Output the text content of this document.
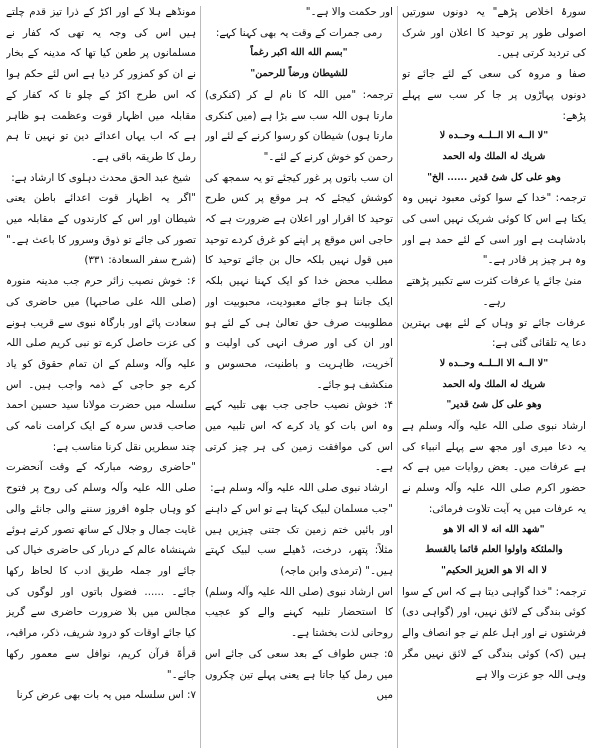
سورۂ اخلاص پڑھے" یہ دونوں سورتیں اصولی طور پر توحید کا اعلان اور شرک کی تردید کرتی ہیں۔

صفا و مروہ کی سعی کے لئے جائے تو دونوں پہاڑوں پر جا کر سب سے پہلے پڑھے:

"لا الــه الا الــلــه وحــده لا
شريك له الملك وله الحمد
وهو على كل شئ قدير ...... الخ"

ترجمہ: "خدا کے سوا کوئی معبود نہیں وہ یکتا ہے اس کا کوئی شریک نہیں اسی کی بادشاہت ہے اور اسی کے لئے حمد ہے اور وہ ہر چیز پر قادر ہے۔"

منیٰ جائے یا عرفات کثرت سے تکبیر پڑھتے رہے۔

عرفات جائے تو وہاں کے لئے بھی بہترین دعا یہ تلقائی گئی ہے:

"لا الــه الا الــلــه وحــده لا
شريك له الملك وله الحمد
وهو على كل شئ قدير"

ارشاد نبوی صلی اللہ علیہ وآلہ وسلم ہے یہ دعا میری اور مجھ سے پہلے انبیاء کی ہے عرفات میں۔ بعض روایات میں ہے کہ حضور اکرم صلی اللہ علیہ وآلہ وسلم نے یہ عرفات میں یہ آیت تلاوت فرمائی:

"شهد الله انه لا اله الا هو
والملئكة واولوا العلم قائما بالقسط
لا اله الا هو العزيز الحكيم"

ترجمہ: "خدا گواہی دیتا ہے کہ اس کے سوا کوئی بندگی کے لائق نہیں، اور (گواہی دی) فرشتوں نے اور اہل علم نے جو انصاف والے ہیں (کہ) کوئی بندگی کے لائق نہیں مگر وہی اللہ جو عزت والا ہے

اور حکمت والا ہے۔"

رمی جمرات کے وقت یہ بھی کہنا کہے:

"بسم الله الله اكبر رغماً
للشيطان ورضاً للرحمن"

ترجمہ: "میں اللہ کا نام لے کر (کنکری) مارتا ہوں اللہ سب سے بڑا ہے (میں کنکری مارتا ہوں) شیطان کو رسوا کرنے کے لئے اور رحمن کو خوش کرنے کے لئے۔"

ان سب باتوں پر غور کیجئے تو یہ سمجھ کی کوشش کیجئے کہ ہر موقع پر کس طرح توحید کا اقرار اور اعلان ہے ضرورت ہے کہ حاجی اس موقع پر اپنے کو غرق کردے توحید میں قول نہیں بلکہ حال بن جائے توحید کا مطلب محض خدا کو ایک کہنا نہیں بلکہ ایک جاننا ہو جائے معبودیت، محبوبیت اور مطلوبیت صرف حق تعالیٰ ہی کے لئے ہو اور ان کی اور صرف انہی کی اولیت و آخریت، ظاہریت و باطنیت، محسوس و منکشف ہو جائے۔

۴: خوش نصیب حاجی جب بھی تلبیہ کہے وہ اس بات کو یاد کرے کہ اس تلبیہ میں اس کی موافقت زمین کی ہر چیز کرتی ہے۔

ارشاد نبوی صلی اللہ علیہ وآلہ وسلم ہے:

"جب مسلمان لبیک کہتا ہے تو اس کے داہنے اور بائیں ختم زمین تک جتنی چیزیں ہیں مثلاً: پتھر، درخت، ڈھیلے سب لبیک کہتے ہیں۔" (ترمذی وابن ماجہ)

اس ارشاد نبوی (صلی اللہ علیہ وآلہ وسلم) کا استحضار تلبیہ کہنے والے کو عجیب روحانی لذت بخشتا ہے۔

۵: جس طواف کے بعد سعی کی جائے اس میں رمل کیا جاتا ہے یعنی پہلے تین چکروں میں

مونڈھے ہلا کے اور اکڑ کے ذرا تیز قدم چلتے ہیں اس کی وجہ یہ تھی کہ کفار نے مسلمانوں پر طعن کیا تھا کہ مدینہ کے بخار نے ان کو کمزور کر دیا ہے اس لئے حکم ہوا کہ اس طرح اکڑ کے چلو تا کہ کفار کے مقابلہ میں اظہار قوت وعظمت ہو ظاہر ہے کہ اب یہاں اعدائے دین تو نہیں تا ہم رمل کا طریقہ باقی ہے۔

شیخ عبد الحق محدث دہلوی کا ارشاد ہے:

"اگر یہ اظہار قوت اعدائے باطن یعنی شیطان اور اس کے کارندوں کے مقابلہ میں تصور کی جائے تو ذوق وسرور کا باعث ہے۔" (شرح سفر السعادة: ۳۳۱)

۶: خوش نصیب زائر حرم جب مدینہ منورہ (صلی اللہ علی صاحبہا) میں حاضری کی سعادت پائے اور بارگاہ نبوی سے قریب ہونے کی عزت حاصل کرے تو نبی کریم صلی اللہ علیہ وآلہ وسلم کے ان تمام حقوق کو یاد کرے جو حاجی کے ذمہ واجب ہیں۔ اس سلسلہ میں حضرت مولانا سید حسین احمد صاحب قدس سرہ کے ایک کرامت نامہ کی چند سطریں نقل کرنا مناسب ہے:

"حاضری روضہ مبارکہ کے وقت آنحضرت صلی اللہ علیہ وآلہ وسلم کی روح پر فتوح کو وہاں جلوہ افروز سننے والی جانئے والی غایت جمال و جلال کے ساتھ تصور کرتے ہوئے شہنشاہ عالم کے دربار کی حاضری خیال کی جائے اور جملہ طریق ادب کا لحاظ رکھا جائے۔ ...... فضول باتوں اور لوگوں کی مجالس میں بلا ضرورت حاضری سے گریز کیا جائے اوقات کو درود شریف، ذکر، مراقبہ، قرأۃ قرآن کریم، نوافل سے معمور رکھا جائے۔"

۷: اس سلسلہ میں یہ بات بھی عرض کرنا
